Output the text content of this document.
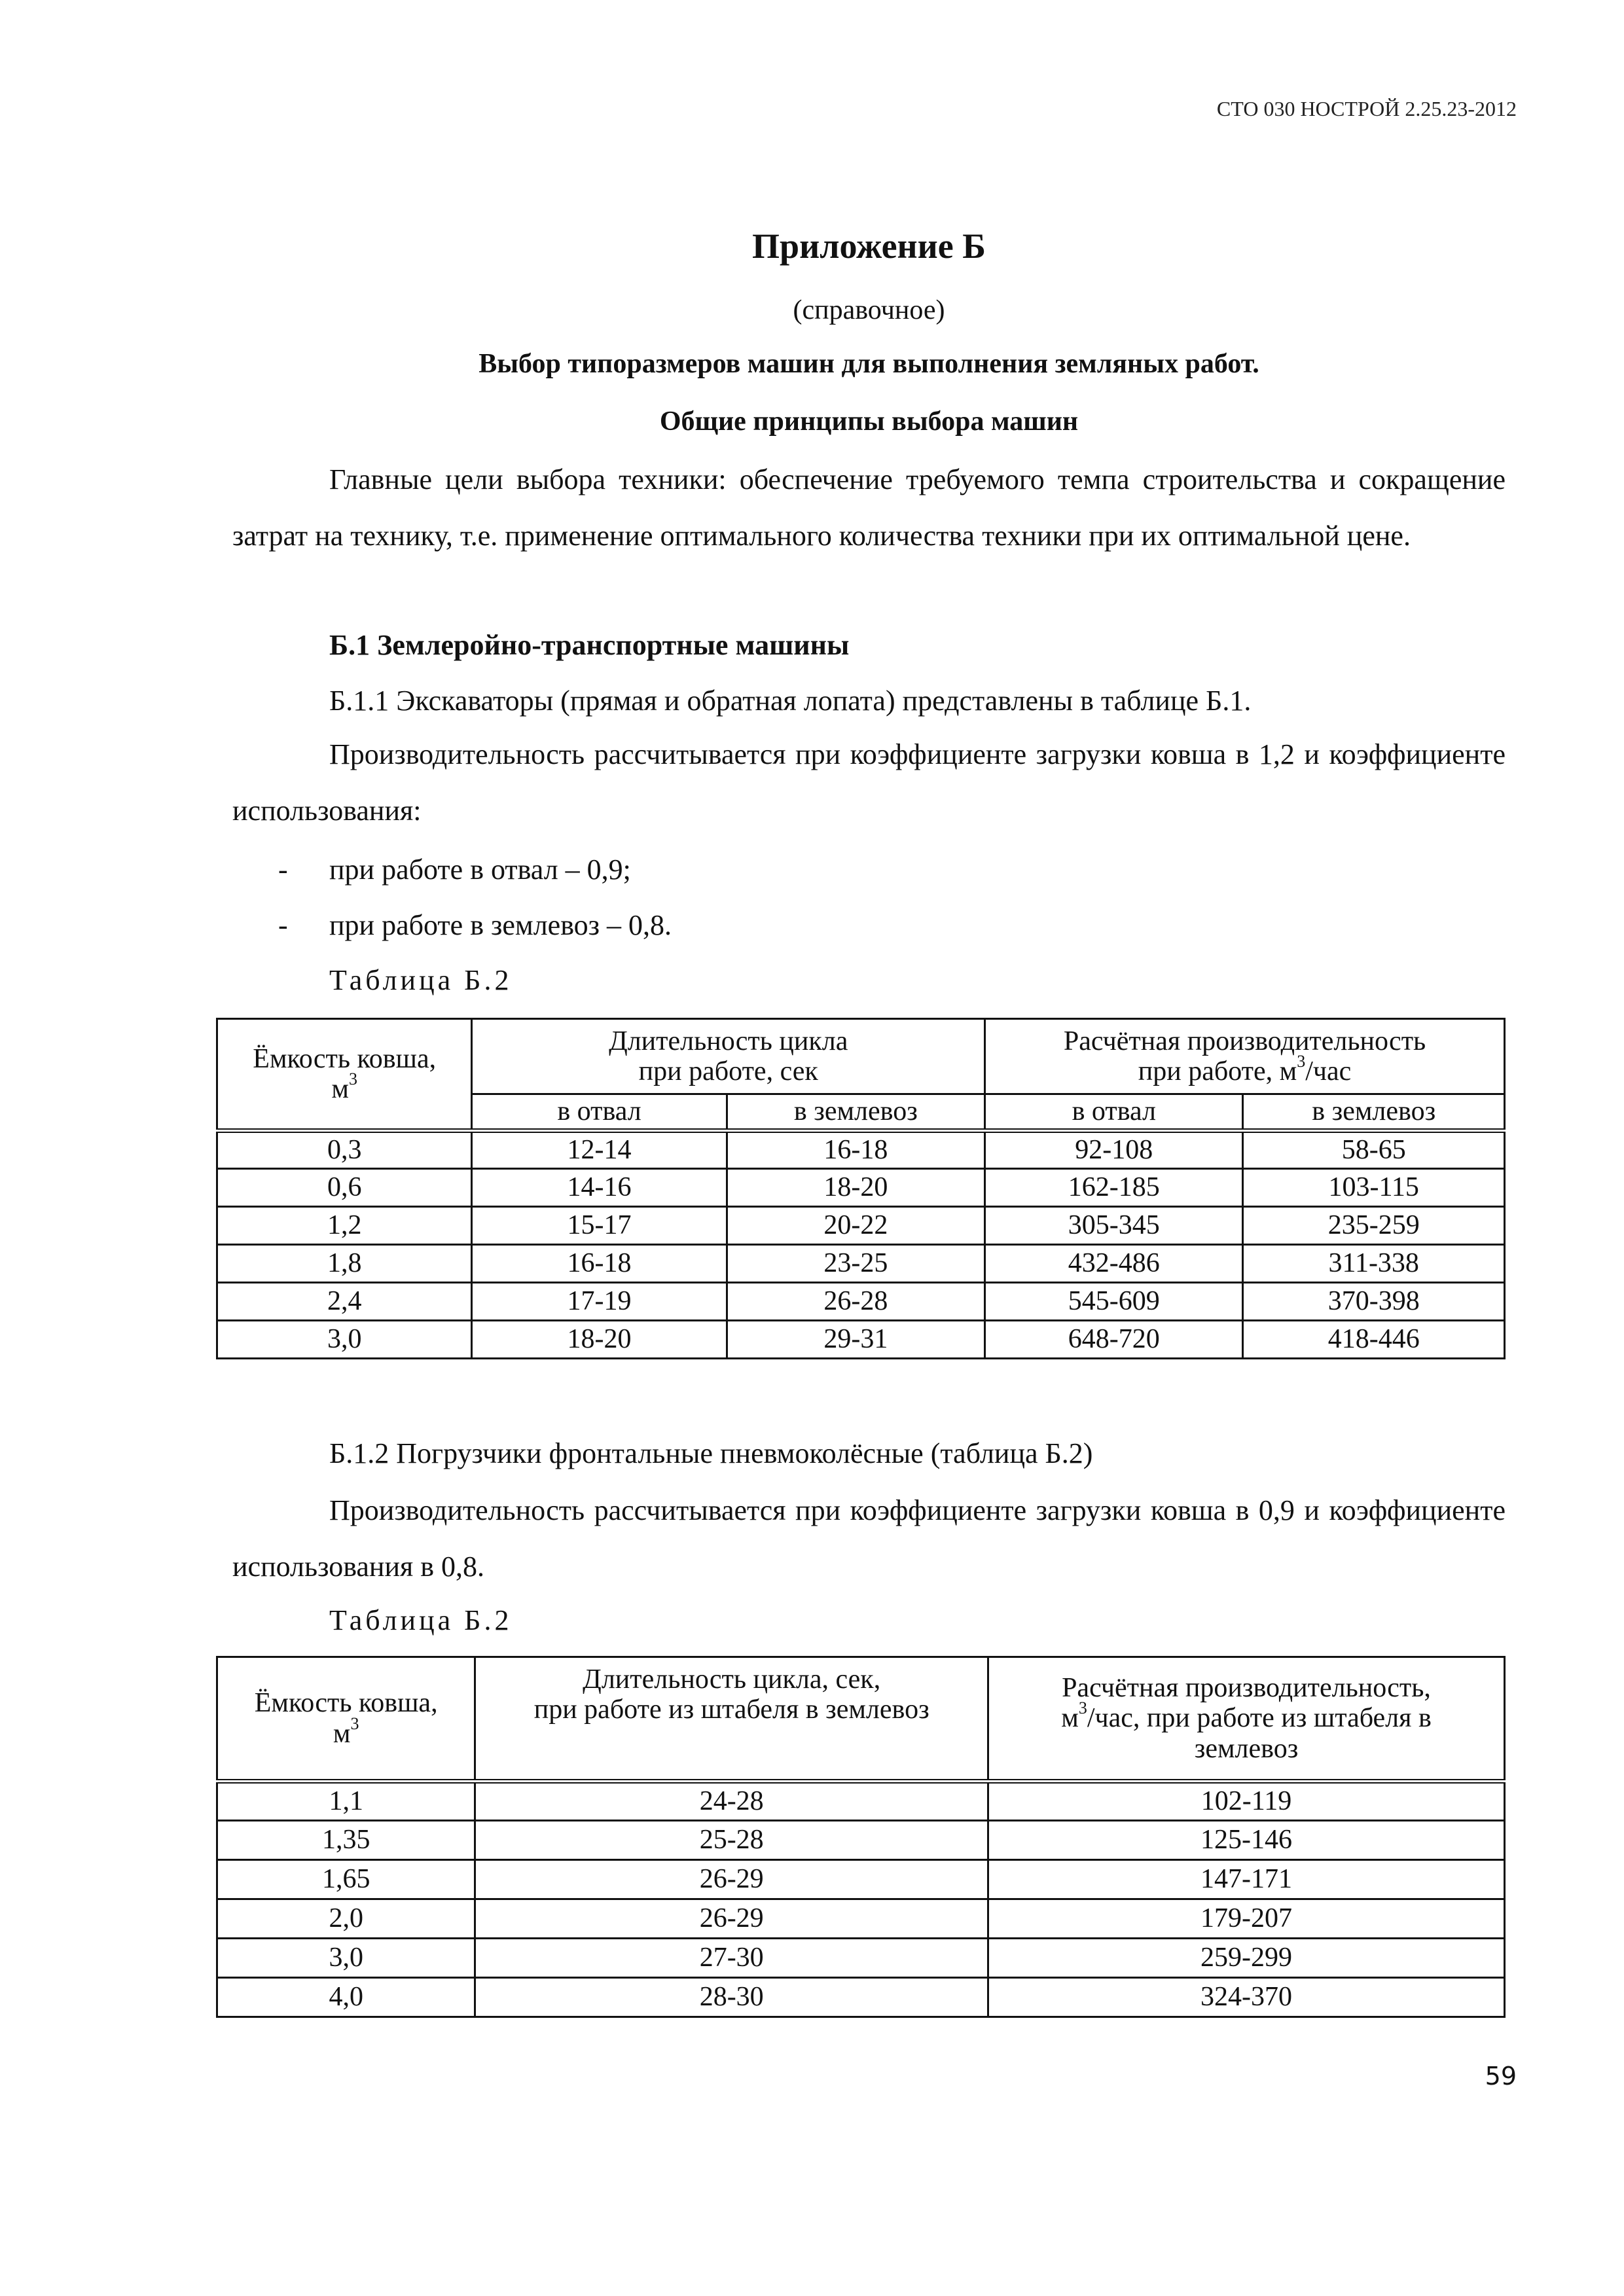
СТО 030 НОСТРОЙ 2.25.23-2012
Приложение Б
(справочное)
Выбор типоразмеров машин для выполнения земляных работ.
Общие принципы выбора машин

Главные цели выбора техники: обеспечение требуемого темпа строительства и сокращение затрат на технику, т.е. применение оптимального количества техники при их оптимальной цене.

Б.1 Землеройно-транспортные машины
Б.1.1 Экскаваторы (прямая и обратная лопата) представлены в таблице Б.1.

Производительность рассчитывается при коэффициенте загрузки ковша в 1,2 и коэффициенте использования:

- при работе в отвал – 0,9;
- при работе в землевоз – 0,8.
Таблица Б.2
Ёмкость ковша,
$м^3$	Длительность цикла
при работе, сек		Расчётная производительность
при работе, $м^3$/час	
	в отвал	в землевоз	в отвал	в землевоз
0,3	12-14	16-18	92-108	58-65
0,6	14-16	18-20	162-185	103-115
1,2	15-17	20-22	305-345	235-259
1,8	16-18	23-25	432-486	311-338
2,4	17-19	26-28	545-609	370-398
3,0	18-20	29-31	648-720	418-446
Б.1.2 Погрузчики фронтальные пневмоколёсные (таблица Б.2)

Производительность рассчитывается при коэффициенте загрузки ковша в 0,9 и коэффициенте использования в 0,8.

Таблица Б.2
Ёмкость ковша,
$м^3$	Длительность цикла, сек,
при работе из штабеля в землевоз	Расчётная производительность,
$м^3$/час, при работе из штабеля в
землевоз
1,1	24-28	102-119
1,35	25-28	125-146
1,65	26-29	147-171
2,0	26-29	179-207
3,0	27-30	259-299
4,0	28-30	324-370
59
